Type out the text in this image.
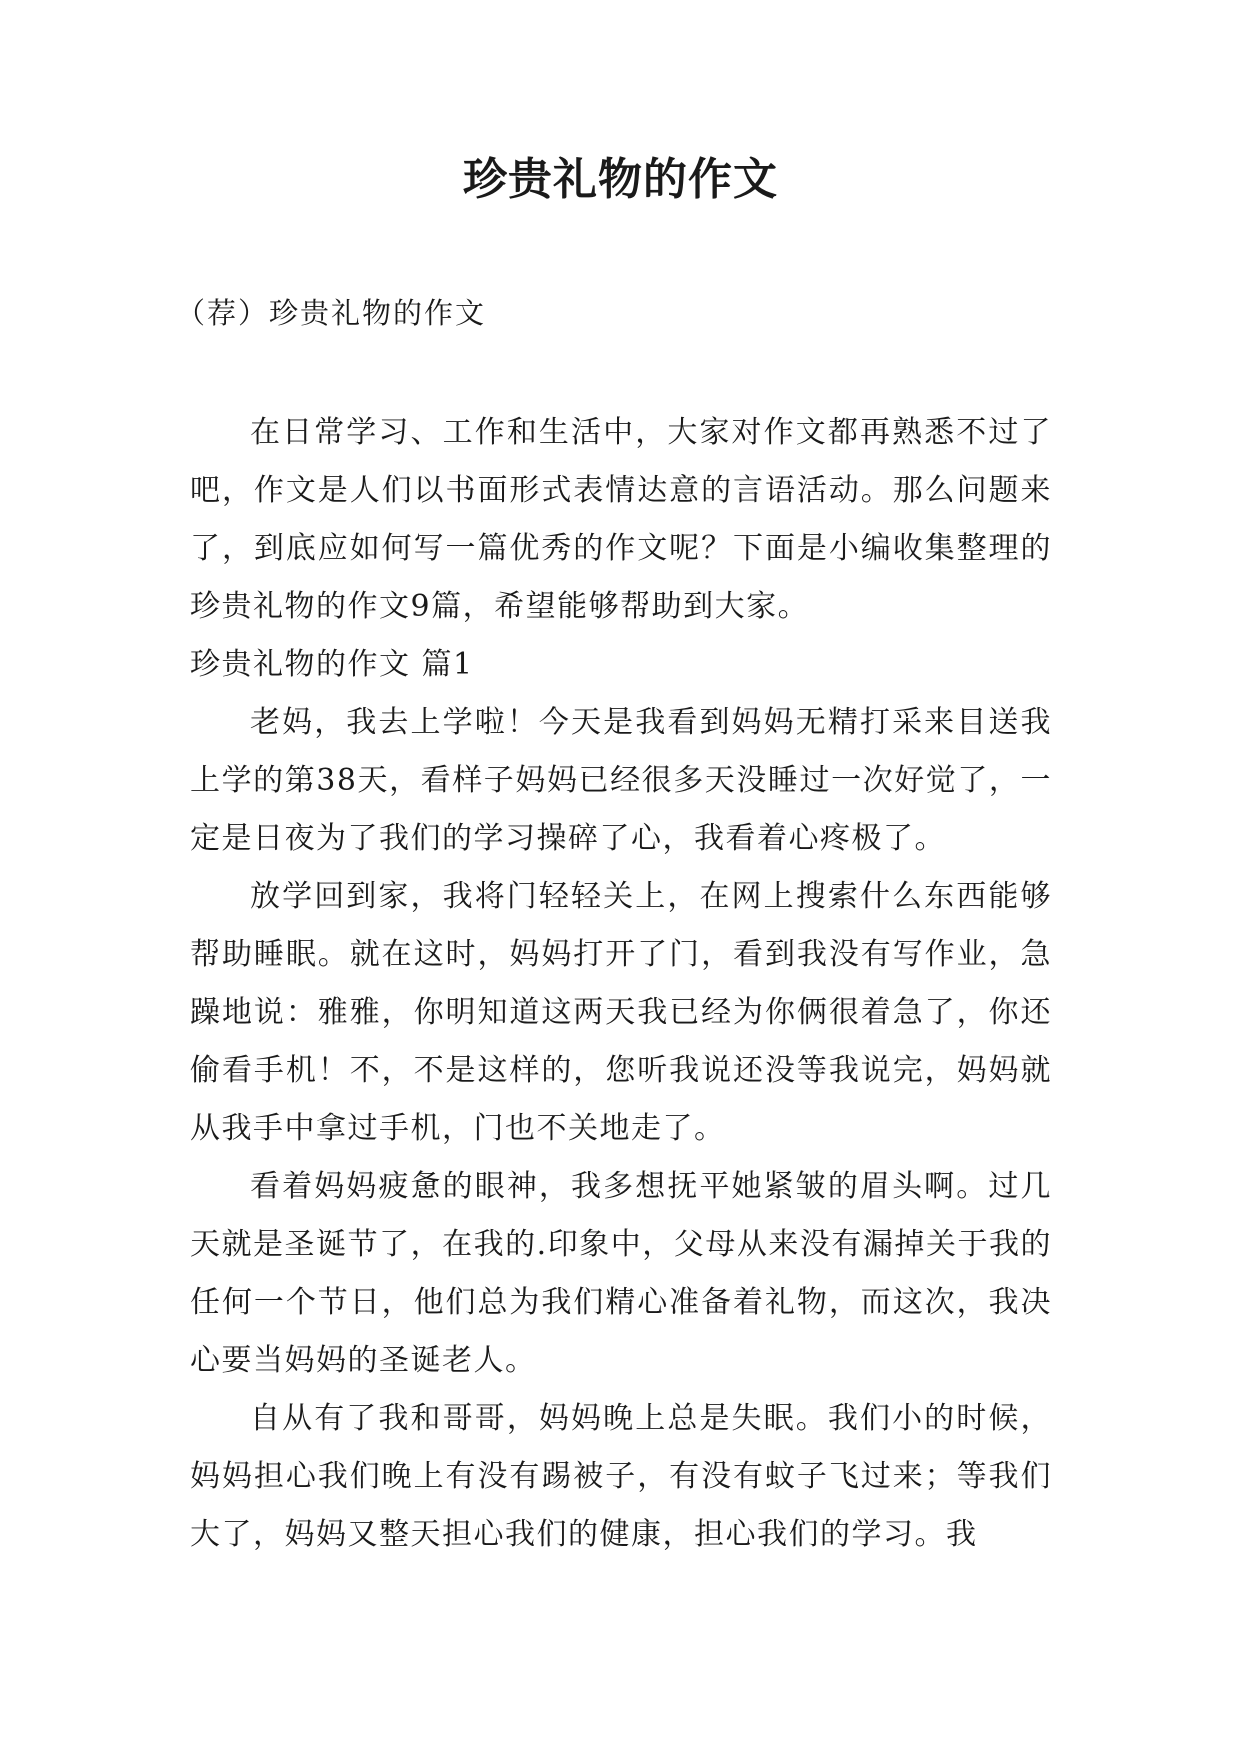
珍贵礼物的作文

（荐）珍贵礼物的作文

在日常学习、工作和生活中，大家对作文都再熟悉不过了吧，作文是人们以书面形式表情达意的言语活动。那么问题来了，到底应如何写一篇优秀的作文呢？下面是小编收集整理的珍贵礼物的作文9篇，希望能够帮助到大家。

珍贵礼物的作文 篇1

老妈，我去上学啦！今天是我看到妈妈无精打采来目送我上学的第38天，看样子妈妈已经很多天没睡过一次好觉了，一定是日夜为了我们的学习操碎了心，我看着心疼极了。

放学回到家，我将门轻轻关上，在网上搜索什么东西能够帮助睡眠。就在这时，妈妈打开了门，看到我没有写作业，急躁地说：雅雅，你明知道这两天我已经为你俩很着急了，你还偷看手机！不，不是这样的，您听我说还没等我说完，妈妈就从我手中拿过手机，门也不关地走了。

看着妈妈疲惫的眼神，我多想抚平她紧皱的眉头啊。过几天就是圣诞节了，在我的.印象中，父母从来没有漏掉关于我的任何一个节日，他们总为我们精心准备着礼物，而这次，我决心要当妈妈的圣诞老人。

自从有了我和哥哥，妈妈晚上总是失眠。我们小的时候，妈妈担心我们晚上有没有踢被子，有没有蚊子飞过来；等我们大了，妈妈又整天担心我们的健康，担心我们的学习。我
